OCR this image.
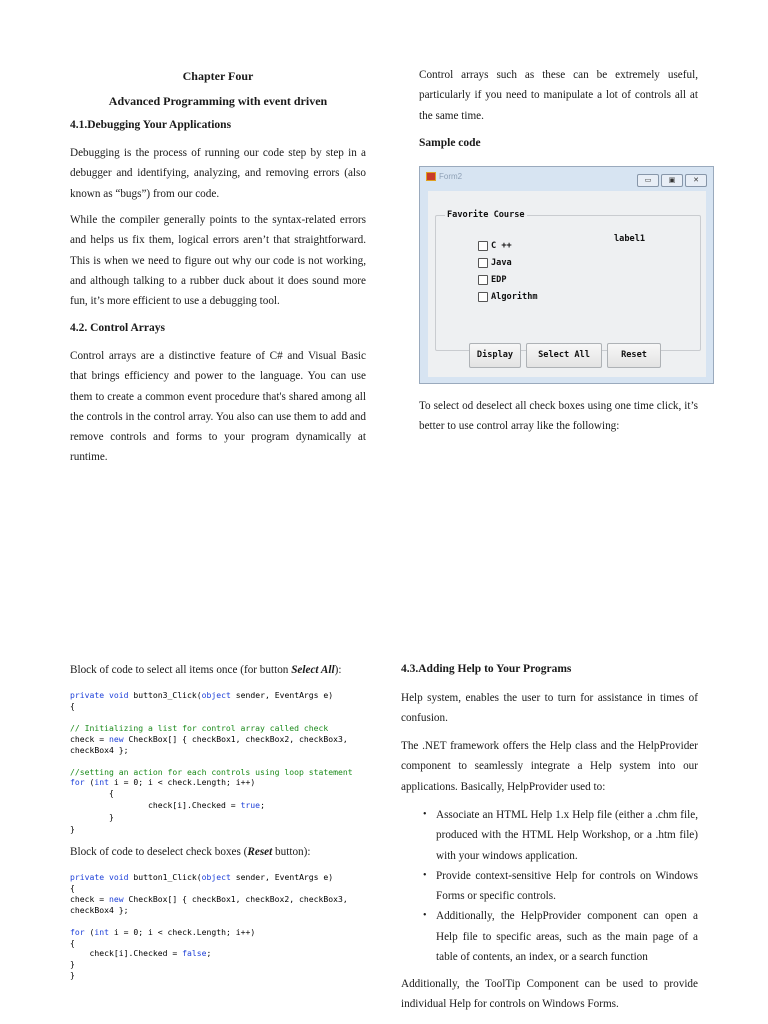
Chapter Four

Advanced Programming with event driven

4.1.Debugging Your Applications

Debugging is the process of running our code step by step in a debugger and identifying, analyzing, and removing errors (also known as “bugs”) from our code.

While the compiler generally points to the syntax-related errors and helps us fix them, logical errors aren’t that straightforward. This is when we need to figure out why our code is not working, and although talking to a rubber duck about it does sound more fun, it’s more efficient to use a debugging tool.

4.2. Control Arrays

Control arrays are a distinctive feature of C# and Visual Basic that brings efficiency and power to the language. You can use them to create a common event procedure that's shared among all the controls in the control array. You also can use them to add and remove controls and forms to your program dynamically at runtime.

Control arrays such as these can be extremely useful, particularly if you need to manipulate a lot of controls all at the same time.

Sample code

Form2	▭	▣	✕
Favorite Course
C ++
Java
EDP
Algorithm
label1
Display	Select All	Reset

To select od deselect all check boxes using one time click, it’s better to use control array like the following:

Block of code to select all items once (for button Select All):

private void button3_Click(object sender, EventArgs e)
{
// Initializing a list for control array called check
check = new CheckBox[] { checkBox1, checkBox2, checkBox3,
checkBox4 };
//setting an action for each controls using loop statement
for (int i = 0; i < check.Length; i++)
{
check[i].Checked = true;
}
}

Block of code to deselect check boxes (Reset button):

private void button1_Click(object sender, EventArgs e)
{
check = new CheckBox[] { checkBox1, checkBox2, checkBox3,
checkBox4 };
for (int i = 0; i < check.Length; i++)
{
check[i].Checked = false;
}
}

4.3.Adding Help to Your Programs

Help system, enables the user to turn for assistance in times of confusion.

The .NET framework offers the Help class and the HelpProvider component to seamlessly integrate a Help system into our applications. Basically, HelpProvider used to:

• Associate an HTML Help 1.x Help file (either a .chm file, produced with the HTML Help Workshop, or a .htm file) with your windows application.
• Provide context-sensitive Help for controls on Windows Forms or specific controls.
• Additionally, the HelpProvider component can open a Help file to specific areas, such as the main page of a table of contents, an index, or a search function

Additionally, the ToolTip Component can be used to provide individual Help for controls on Windows Forms.
